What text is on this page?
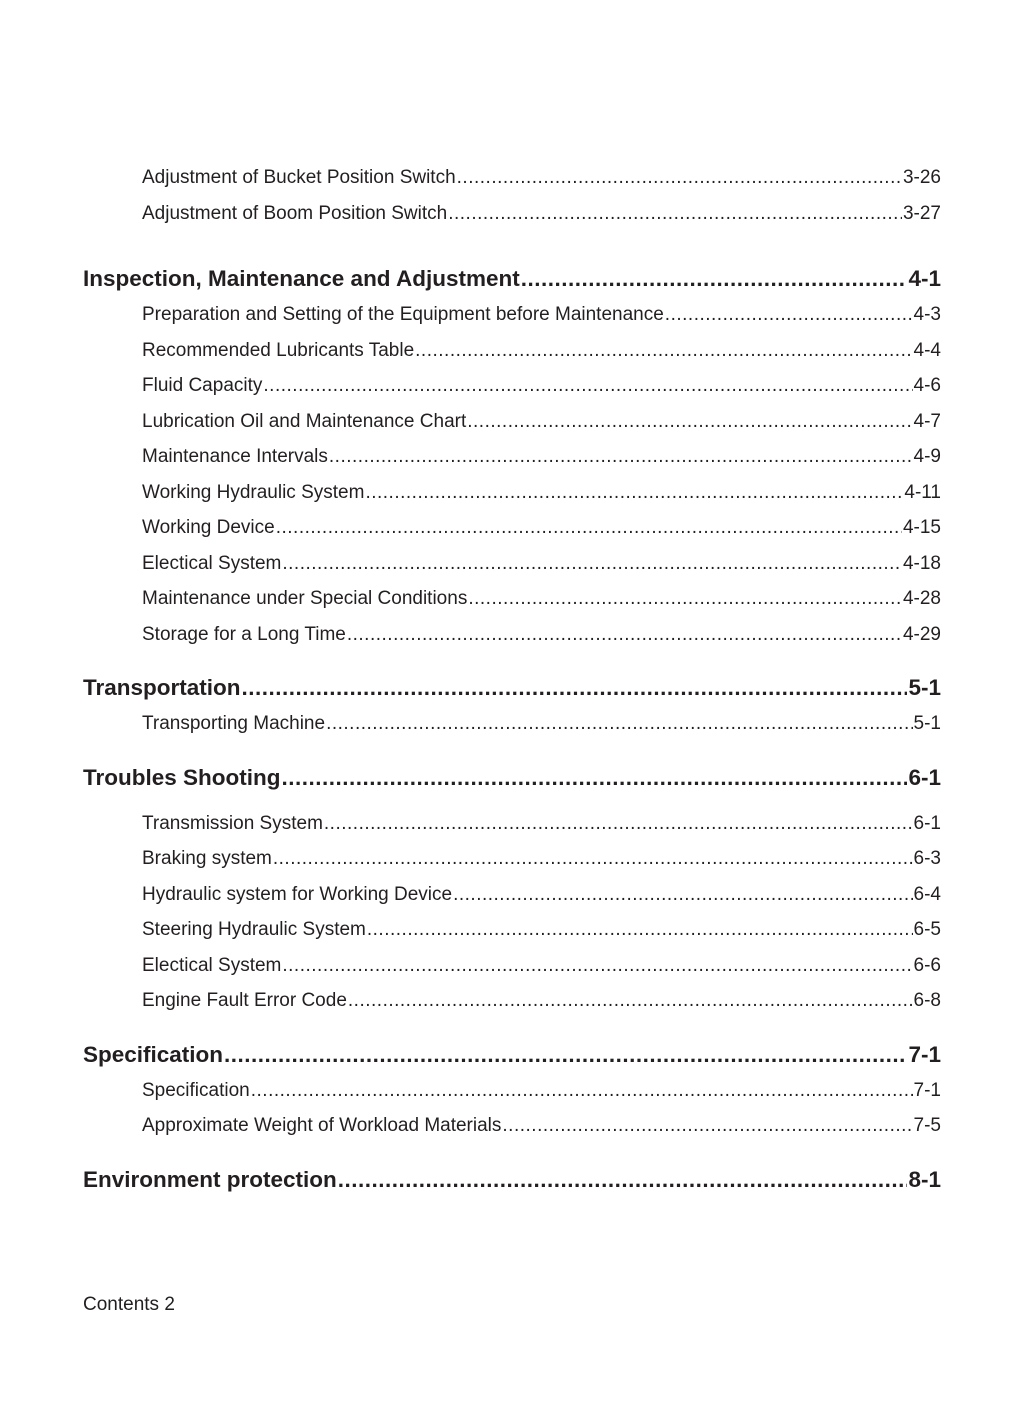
Adjustment of Bucket Position Switch .....	3-26
Adjustment of Boom Position Switch .....	3-27
Inspection, Maintenance and Adjustment .....	4-1
Preparation and Setting of the Equipment before Maintenance .....	4-3
Recommended Lubricants Table .....	4-4
Fluid Capacity .....	4-6
Lubrication Oil and Maintenance Chart .....	4-7
Maintenance Intervals .....	4-9
Working Hydraulic System .....	4-11
Working Device .....	4-15
Electical System .....	4-18
Maintenance under Special Conditions .....	4-28
Storage for a Long Time .....	4-29
Transportation .....	5-1
Transporting Machine .....	5-1
Troubles Shooting .....	6-1
Transmission System .....	6-1
Braking system .....	6-3
Hydraulic system for Working Device .....	6-4
Steering Hydraulic System .....	6-5
Electical System .....	6-6
Engine Fault Error Code .....	6-8
Specification .....	7-1
Specification .....	7-1
Approximate Weight of Workload Materials .....	7-5
Environment protection .....	8-1
Contents 2
